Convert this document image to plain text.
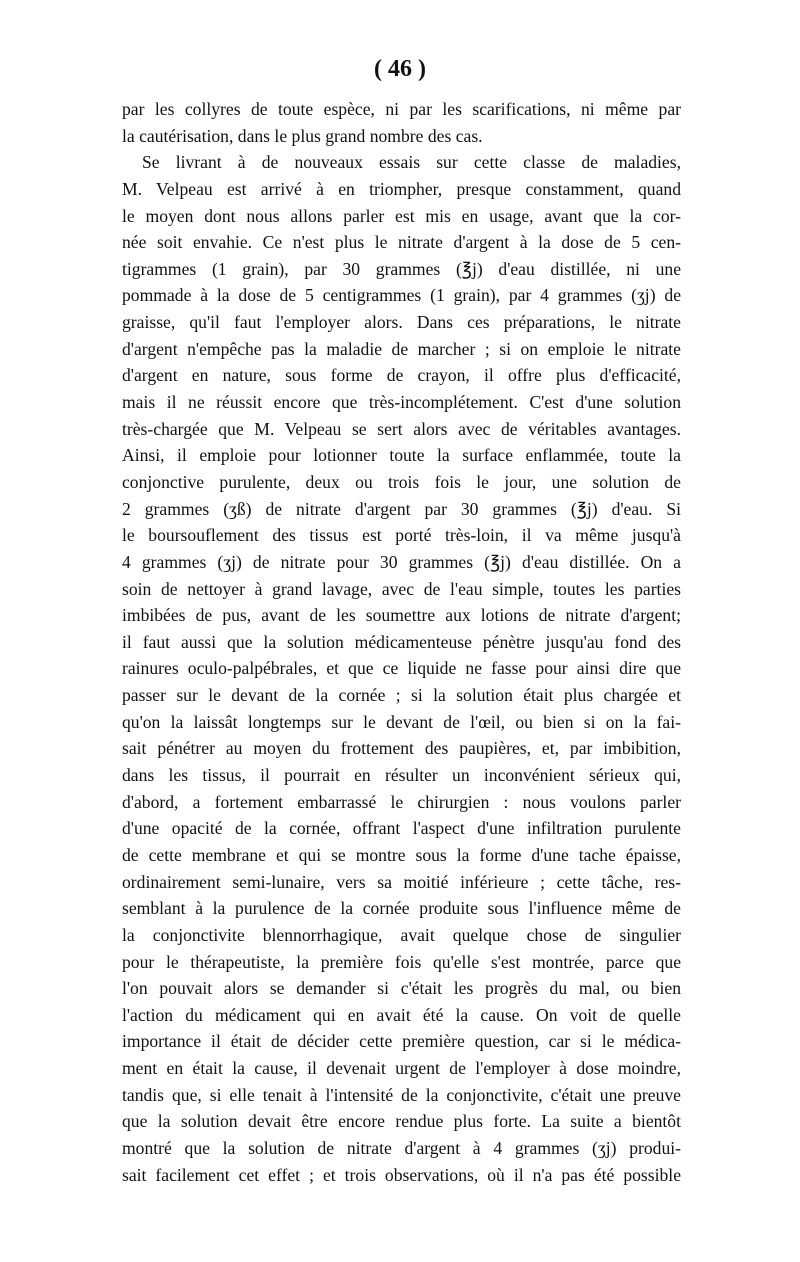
( 46 )
par les collyres de toute espèce, ni par les scarifications, ni même par
la cautérisation, dans le plus grand nombre des cas.
Se livrant à de nouveaux essais sur cette classe de maladies,
M. Velpeau est arrivé à en triompher, presque constamment, quand
le moyen dont nous allons parler est mis en usage, avant que la cor-
née soit envahie. Ce n'est plus le nitrate d'argent à la dose de 5 cen-
tigrammes (1 grain), par 30 grammes (℥j) d'eau distillée, ni une
pommade à la dose de 5 centigrammes (1 grain), par 4 grammes (ʒj) de
graisse, qu'il faut l'employer alors. Dans ces préparations, le nitrate
d'argent n'empêche pas la maladie de marcher ; si on emploie le nitrate
d'argent en nature, sous forme de crayon, il offre plus d'efficacité,
mais il ne réussit encore que très-incomplétement. C'est d'une solution
très-chargée que M. Velpeau se sert alors avec de véritables avantages.
Ainsi, il emploie pour lotionner toute la surface enflammée, toute la
conjonctive purulente, deux ou trois fois le jour, une solution de
2 grammes (ʒß) de nitrate d'argent par 30 grammes (℥j) d'eau. Si
le boursouflement des tissus est porté très-loin, il va même jusqu'à
4 grammes (ʒj) de nitrate pour 30 grammes (℥j) d'eau distillée. On a
soin de nettoyer à grand lavage, avec de l'eau simple, toutes les parties
imbibées de pus, avant de les soumettre aux lotions de nitrate d'argent;
il faut aussi que la solution médicamenteuse pénètre jusqu'au fond des
rainures oculo-palpébrales, et que ce liquide ne fasse pour ainsi dire que
passer sur le devant de la cornée ; si la solution était plus chargée et
qu'on la laissât longtemps sur le devant de l'œil, ou bien si on la fai-
sait pénétrer au moyen du frottement des paupières, et, par imbibition,
dans les tissus, il pourrait en résulter un inconvénient sérieux qui,
d'abord, a fortement embarrassé le chirurgien : nous voulons parler
d'une opacité de la cornée, offrant l'aspect d'une infiltration purulente
de cette membrane et qui se montre sous la forme d'une tache épaisse,
ordinairement semi-lunaire, vers sa moitié inférieure ; cette tâche, res-
semblant à la purulence de la cornée produite sous l'influence même de
la conjonctivite blennorrhagique, avait quelque chose de singulier
pour le thérapeutiste, la première fois qu'elle s'est montrée, parce que
l'on pouvait alors se demander si c'était les progrès du mal, ou bien
l'action du médicament qui en avait été la cause. On voit de quelle
importance il était de décider cette première question, car si le médica-
ment en était la cause, il devenait urgent de l'employer à dose moindre,
tandis que, si elle tenait à l'intensité de la conjonctivite, c'était une preuve
que la solution devait être encore rendue plus forte. La suite a bientôt
montré que la solution de nitrate d'argent à 4 grammes (ʒj) produi-
sait facilement cet effet ; et trois observations, où il n'a pas été possible
